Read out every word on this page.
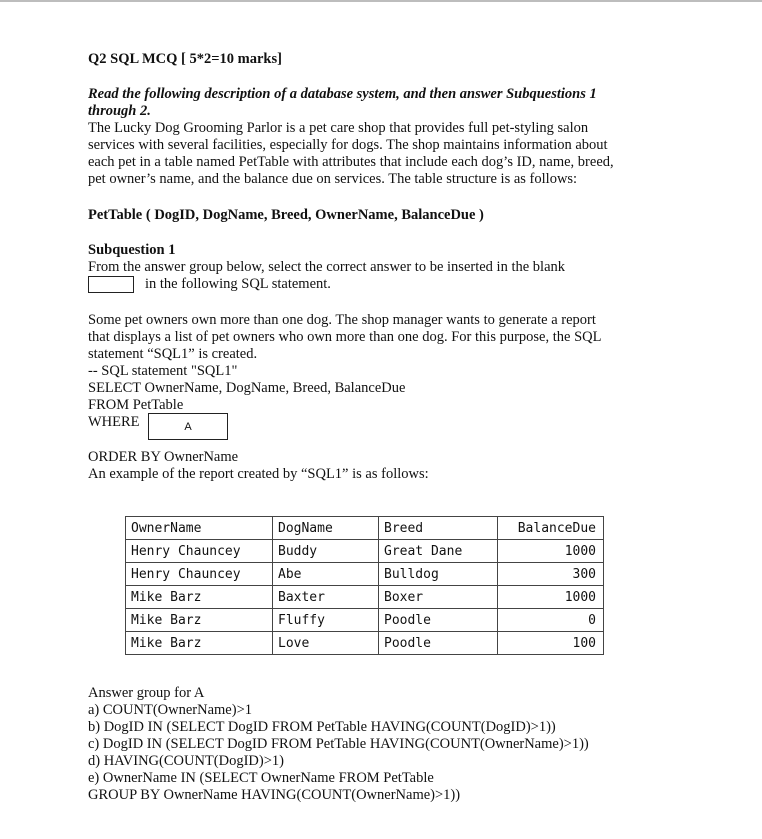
Q2 SQL MCQ [ 5*2=10 marks]
Read the following description of a database system, and then answer Subquestions 1
through 2.
The Lucky Dog Grooming Parlor is a pet care shop that provides full pet-styling salon
services with several facilities, especially for dogs. The shop maintains information about
each pet in a table named PetTable with attributes that include each dog’s ID, name, breed,
pet owner’s name, and the balance due on services. The table structure is as follows:
PetTable ( DogID, DogName, Breed, OwnerName, BalanceDue )
Subquestion 1
From the answer group below, select the correct answer to be inserted in the blank
in the following SQL statement.
Some pet owners own more than one dog. The shop manager wants to generate a report
that displays a list of pet owners who own more than one dog. For this purpose, the SQL
statement “SQL1” is created.
-- SQL statement "SQL1"
SELECT OwnerName, DogName, Breed, BalanceDue
FROM PetTable
WHERE	A
ORDER BY OwnerName
An example of the report created by “SQL1” is as follows:
OwnerName	DogName	Breed	BalanceDue
Henry Chauncey	Buddy	Great Dane	1000
Henry Chauncey	Abe	Bulldog	300
Mike Barz	Baxter	Boxer	1000
Mike Barz	Fluffy	Poodle	0
Mike Barz	Love	Poodle	100
Answer group for A
a) COUNT(OwnerName)>1
b) DogID IN (SELECT DogID FROM PetTable HAVING(COUNT(DogID)>1))
c) DogID IN (SELECT DogID FROM PetTable HAVING(COUNT(OwnerName)>1))
d) HAVING(COUNT(DogID)>1)
e) OwnerName IN (SELECT OwnerName FROM PetTable
GROUP BY OwnerName HAVING(COUNT(OwnerName)>1))
